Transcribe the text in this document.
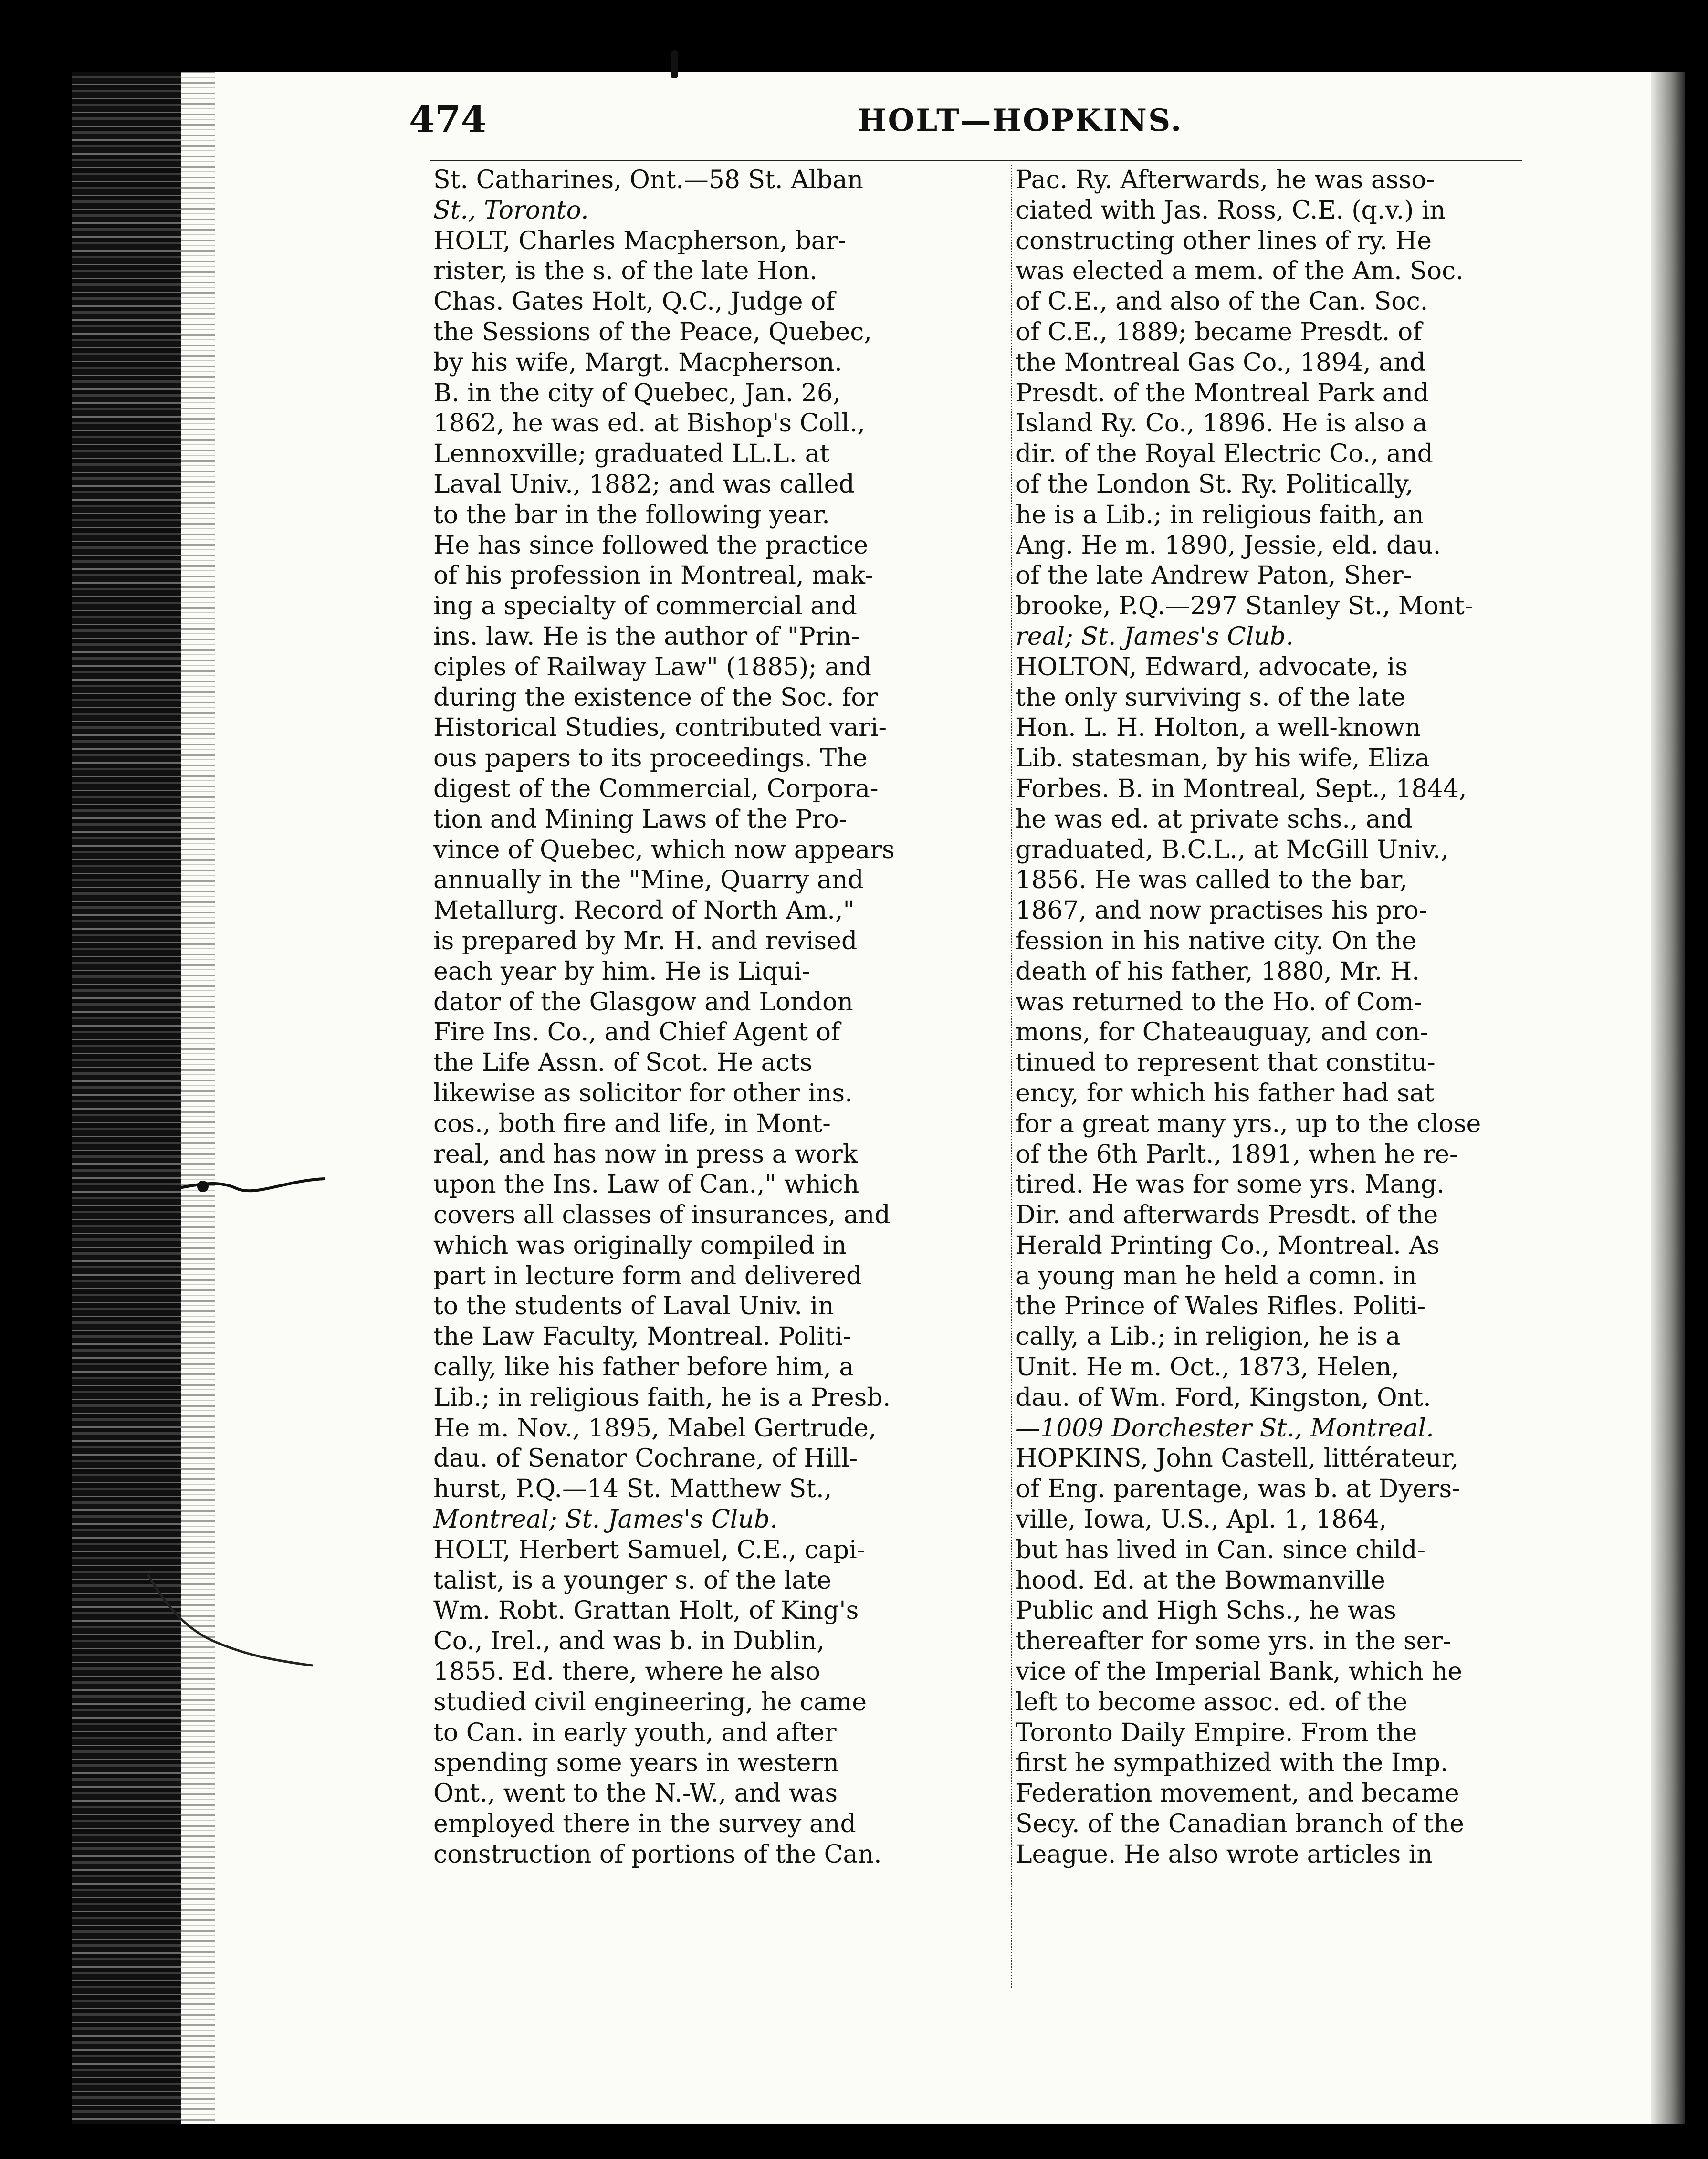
474	HOLT—HOPKINS.
St. Catharines, Ont.—58 St. Alban
St., Toronto.
HOLT, Charles Macpherson, bar-
rister, is the s. of the late Hon.
Chas. Gates Holt, Q.C., Judge of
the Sessions of the Peace, Quebec,
by his wife, Margt. Macpherson.
B. in the city of Quebec, Jan. 26,
1862, he was ed. at Bishop's Coll.,
Lennoxville; graduated LL.L. at
Laval Univ., 1882; and was called
to the bar in the following year.
He has since followed the practice
of his profession in Montreal, mak-
ing a specialty of commercial and
ins. law. He is the author of "Prin-
ciples of Railway Law" (1885); and
during the existence of the Soc. for
Historical Studies, contributed vari-
ous papers to its proceedings. The
digest of the Commercial, Corpora-
tion and Mining Laws of the Pro-
vince of Quebec, which now appears
annually in the "Mine, Quarry and
Metallurg. Record of North Am.,"
is prepared by Mr. H. and revised
each year by him. He is Liqui-
dator of the Glasgow and London
Fire Ins. Co., and Chief Agent of
the Life Assn. of Scot. He acts
likewise as solicitor for other ins.
cos., both fire and life, in Mont-
real, and has now in press a work
upon the Ins. Law of Can.," which
covers all classes of insurances, and
which was originally compiled in
part in lecture form and delivered
to the students of Laval Univ. in
the Law Faculty, Montreal. Politi-
cally, like his father before him, a
Lib.; in religious faith, he is a Presb.
He m. Nov., 1895, Mabel Gertrude,
dau. of Senator Cochrane, of Hill-
hurst, P.Q.—14 St. Matthew St.,
Montreal; St. James's Club.
HOLT, Herbert Samuel, C.E., capi-
talist, is a younger s. of the late
Wm. Robt. Grattan Holt, of King's
Co., Irel., and was b. in Dublin,
1855. Ed. there, where he also
studied civil engineering, he came
to Can. in early youth, and after
spending some years in western
Ont., went to the N.-W., and was
employed there in the survey and
construction of portions of the Can.
Pac. Ry. Afterwards, he was asso-
ciated with Jas. Ross, C.E. (q.v.) in
constructing other lines of ry. He
was elected a mem. of the Am. Soc.
of C.E., and also of the Can. Soc.
of C.E., 1889; became Presdt. of
the Montreal Gas Co., 1894, and
Presdt. of the Montreal Park and
Island Ry. Co., 1896. He is also a
dir. of the Royal Electric Co., and
of the London St. Ry. Politically,
he is a Lib.; in religious faith, an
Ang. He m. 1890, Jessie, eld. dau.
of the late Andrew Paton, Sher-
brooke, P.Q.—297 Stanley St., Mont-
real; St. James's Club.
HOLTON, Edward, advocate, is
the only surviving s. of the late
Hon. L. H. Holton, a well-known
Lib. statesman, by his wife, Eliza
Forbes. B. in Montreal, Sept., 1844,
he was ed. at private schs., and
graduated, B.C.L., at McGill Univ.,
1856. He was called to the bar,
1867, and now practises his pro-
fession in his native city. On the
death of his father, 1880, Mr. H.
was returned to the Ho. of Com-
mons, for Chateauguay, and con-
tinued to represent that constitu-
ency, for which his father had sat
for a great many yrs., up to the close
of the 6th Parlt., 1891, when he re-
tired. He was for some yrs. Mang.
Dir. and afterwards Presdt. of the
Herald Printing Co., Montreal. As
a young man he held a comn. in
the Prince of Wales Rifles. Politi-
cally, a Lib.; in religion, he is a
Unit. He m. Oct., 1873, Helen,
dau. of Wm. Ford, Kingston, Ont.
—1009 Dorchester St., Montreal.
HOPKINS, John Castell, littérateur,
of Eng. parentage, was b. at Dyers-
ville, Iowa, U.S., Apl. 1, 1864,
but has lived in Can. since child-
hood. Ed. at the Bowmanville
Public and High Schs., he was
thereafter for some yrs. in the ser-
vice of the Imperial Bank, which he
left to become assoc. ed. of the
Toronto Daily Empire. From the
first he sympathized with the Imp.
Federation movement, and became
Secy. of the Canadian branch of the
League. He also wrote articles in
